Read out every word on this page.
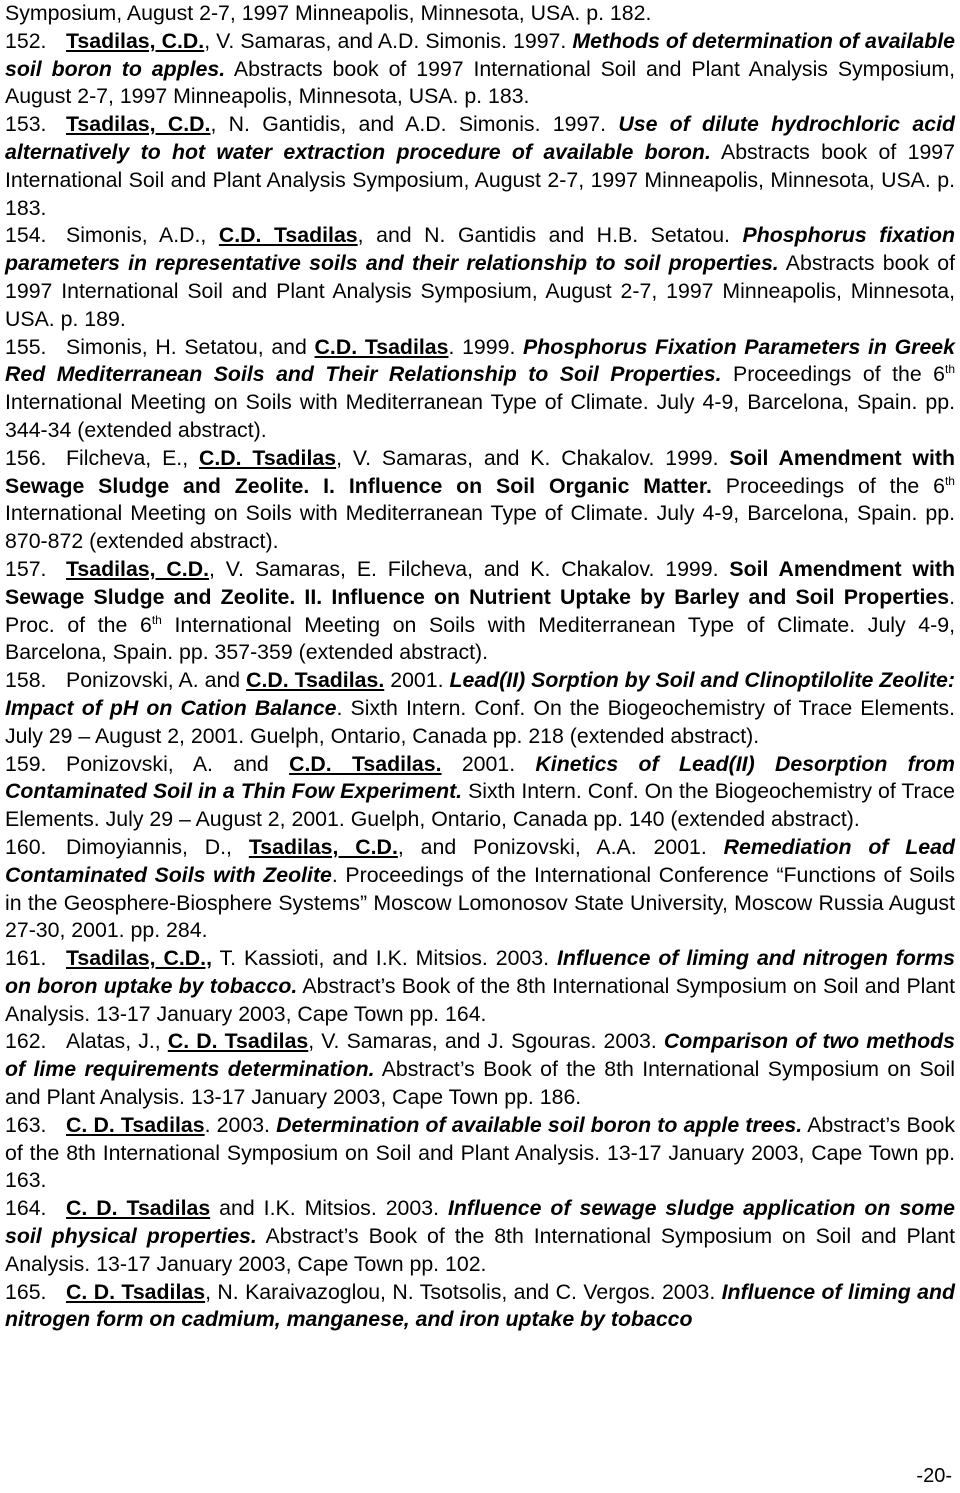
Symposium, August 2-7, 1997 Minneapolis, Minnesota, USA. p. 182.

152. Tsadilas, C.D., V. Samaras, and A.D. Simonis. 1997. Methods of determination of available soil boron to apples. Abstracts book of 1997 International Soil and Plant Analysis Symposium, August 2-7, 1997 Minneapolis, Minnesota, USA. p. 183.

153. Tsadilas, C.D., N. Gantidis, and A.D. Simonis. 1997. Use of dilute hydrochloric acid alternatively to hot water extraction procedure of available boron. Abstracts book of 1997 International Soil and Plant Analysis Symposium, August 2-7, 1997 Minneapolis, Minnesota, USA. p. 183.

154. Simonis, A.D., C.D. Tsadilas, and N. Gantidis and H.B. Setatou. Phosphorus fixation parameters in representative soils and their relationship to soil properties. Abstracts book of 1997 International Soil and Plant Analysis Symposium, August 2-7, 1997 Minneapolis, Minnesota, USA. p. 189.

155. Simonis, H. Setatou, and C.D. Tsadilas. 1999. Phosphorus Fixation Parameters in Greek Red Mediterranean Soils and Their Relationship to Soil Properties. Proceedings of the 6th International Meeting on Soils with Mediterranean Type of Climate. July 4-9, Barcelona, Spain. pp. 344-34 (extended abstract).

156. Filcheva, E., C.D. Tsadilas, V. Samaras, and K. Chakalov. 1999. Soil Amendment with Sewage Sludge and Zeolite. I. Influence on Soil Organic Matter. Proceedings of the 6th International Meeting on Soils with Mediterranean Type of Climate. July 4-9, Barcelona, Spain. pp. 870-872 (extended abstract).

157. Tsadilas, C.D., V. Samaras, E. Filcheva, and K. Chakalov. 1999. Soil Amendment with Sewage Sludge and Zeolite. II. Influence on Nutrient Uptake by Barley and Soil Properties. Proc. of the 6th International Meeting on Soils with Mediterranean Type of Climate. July 4-9, Barcelona, Spain. pp. 357-359 (extended abstract).

158. Ponizovski, A. and C.D. Tsadilas. 2001. Lead(II) Sorption by Soil and Clinoptilolite Zeolite: Impact of pH on Cation Balance. Sixth Intern. Conf. On the Biogeochemistry of Trace Elements. July 29 – August 2, 2001. Guelph, Ontario, Canada pp. 218 (extended abstract).

159. Ponizovski, A. and C.D. Tsadilas. 2001. Kinetics of Lead(II) Desorption from Contaminated Soil in a Thin Fow Experiment. Sixth Intern. Conf. On the Biogeochemistry of Trace Elements. July 29 – August 2, 2001. Guelph, Ontario, Canada pp. 140 (extended abstract).

160. Dimoyiannis, D., Tsadilas, C.D., and Ponizovski, A.A. 2001. Remediation of Lead Contaminated Soils with Zeolite. Proceedings of the International Conference “Functions of Soils in the Geosphere-Biosphere Systems” Moscow Lomonosov State University, Moscow Russia August 27-30, 2001. pp. 284.

161. Tsadilas, C.D., T. Kassioti, and I.K. Mitsios. 2003. Influence of liming and nitrogen forms on boron uptake by tobacco. Abstract’s Book of the 8th International Symposium on Soil and Plant Analysis. 13-17 January 2003, Cape Town pp. 164.

162. Alatas, J., C. D. Tsadilas, V. Samaras, and J. Sgouras. 2003. Comparison of two methods of lime requirements determination. Abstract’s Book of the 8th International Symposium on Soil and Plant Analysis. 13-17 January 2003, Cape Town pp. 186.

163. C. D. Tsadilas. 2003. Determination of available soil boron to apple trees. Abstract’s Book of the 8th International Symposium on Soil and Plant Analysis. 13-17 January 2003, Cape Town pp. 163.

164. C. D. Tsadilas and I.K. Mitsios. 2003. Influence of sewage sludge application on some soil physical properties. Abstract’s Book of the 8th International Symposium on Soil and Plant Analysis. 13-17 January 2003, Cape Town pp. 102.

165. C. D. Tsadilas, N. Karaivazoglou, N. Tsotsolis, and C. Vergos. 2003. Influence of liming and nitrogen form on cadmium, manganese, and iron uptake by tobacco

-20-
